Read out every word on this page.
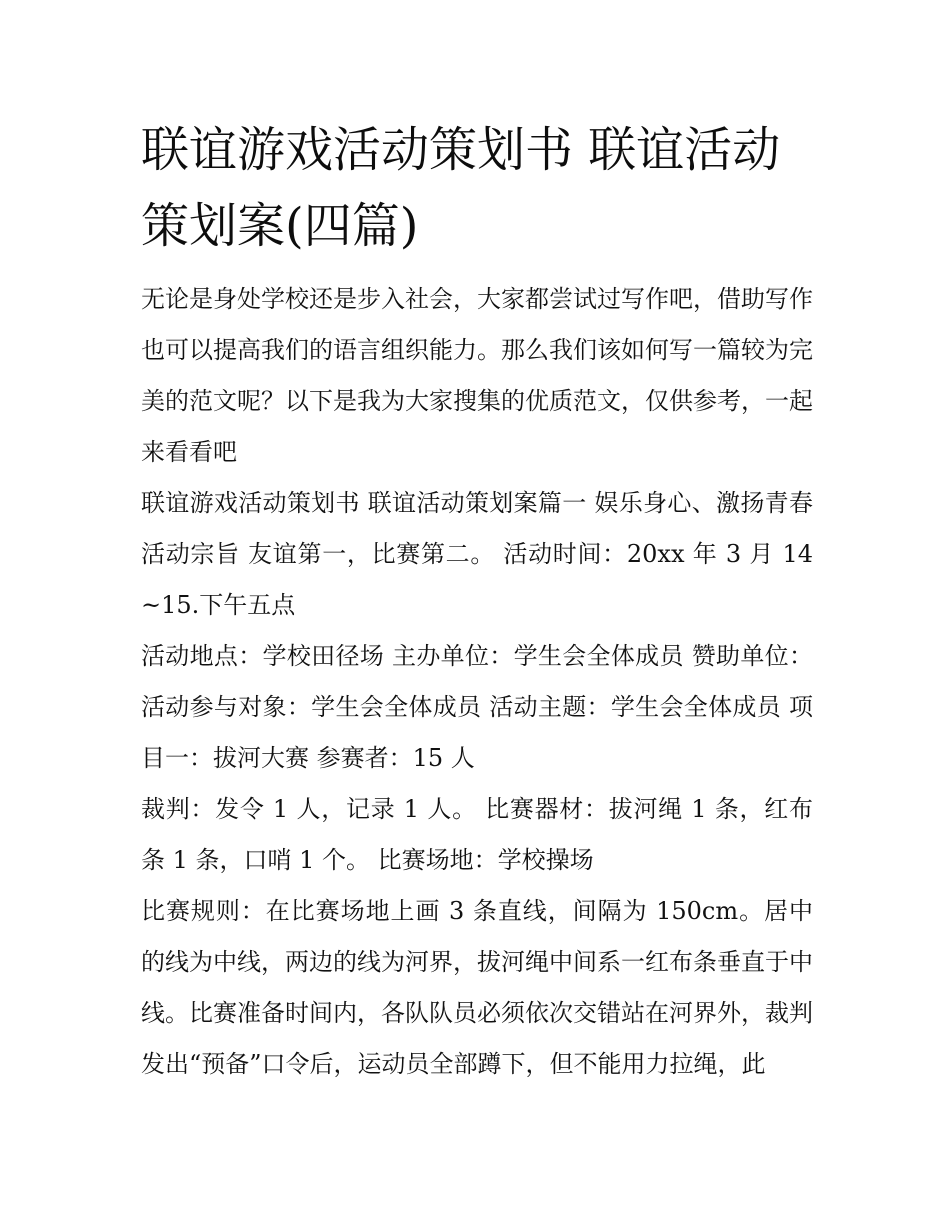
联谊游戏活动策划书 联谊活动策划案(四篇)

无论是身处学校还是步入社会，大家都尝试过写作吧，借助写作也可以提高我们的语言组织能力。那么我们该如何写一篇较为完美的范文呢？以下是我为大家搜集的优质范文，仅供参考，一起来看看吧

联谊游戏活动策划书 联谊活动策划案篇一 娱乐身心、激扬青春 活动宗旨 友谊第一，比赛第二。 活动时间：20xx 年 3 月 14~15.下午五点

活动地点：学校田径场 主办单位：学生会全体成员 赞助单位： 活动参与对象：学生会全体成员 活动主题：学生会全体成员 项目一：拔河大赛 参赛者：15 人

裁判：发令 1 人，记录 1 人。 比赛器材：拔河绳 1 条，红布条 1 条，口哨 1 个。 比赛场地：学校操场

比赛规则：在比赛场地上画 3 条直线，间隔为 150cm。居中的线为中线，两边的线为河界，拔河绳中间系一红布条垂直于中线。比赛准备时间内，各队队员必须依次交错站在河界外，裁判发出“预备”口令后，运动员全部蹲下，但不能用力拉绳，此
